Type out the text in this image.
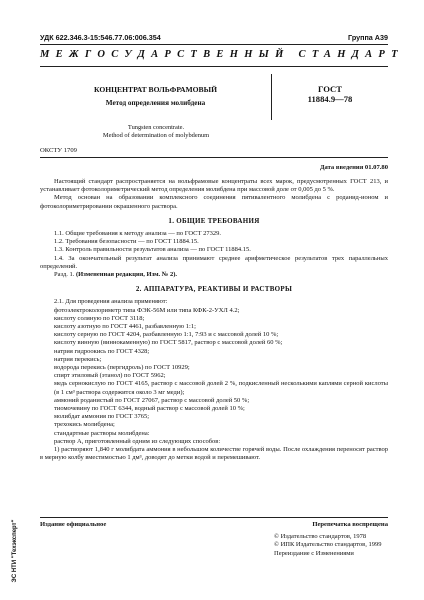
УДК 622.346.3-15:546.77.06:006.354	Группа А39
МЕЖГОСУДАРСТВЕННЫЙ СТАНДАРТ
КОНЦЕНТРАТ ВОЛЬФРАМОВЫЙ
Метод определения молибдена
ГОСТ
11884.9—78
Tungsten concentrate.
Method of determination of molybdenum
ОКСТУ 1709
Дата введения 01.07.80

Настоящий стандарт распространяется на вольфрамовые концентраты всех марок, предусмотренных ГОСТ 213, и устанавливает фотоколориметрический метод определения молибдена при массовой доле от 0,005 до 5 %.

Метод основан на образовании комплексного соединения пятивалентного молибдена с роданид-ионом и фотоколориметрировании окрашенного раствора.

1. ОБЩИЕ ТРЕБОВАНИЯ

1.1. Общие требования к методу анализа — по ГОСТ 27329.

1.2. Требования безопасности — по ГОСТ 11884.15.

1.3. Контроль правильности результатов анализа — по ГОСТ 11884.15.

1.4. За окончательный результат анализа принимают среднее арифметическое результатов трех параллельных определений.

Разд. 1. (Измененная редакция, Изм. № 2).

2. АППАРАТУРА, РЕАКТИВЫ И РАСТВОРЫ

2.1. Для проведения анализа применяют:

фотоэлектроколориметр типа ФЭК-56М или типа КФК-2-УХЛ 4.2;

кислоту соляную по ГОСТ 3118;

кислоту азотную по ГОСТ 4461, разбавленную 1:1;

кислоту серную по ГОСТ 4204, разбавленную 1:1, 7:93 и с массовой долей 10 %;

кислоту винную (виннокаменную) по ГОСТ 5817, раствор с массовой долей 60 %;

натрия гидроокись по ГОСТ 4328;

натрия перекись;

водорода перекись (пергидроль) по ГОСТ 10929;

спирт этиловый (этанол) по ГОСТ 5962;

медь сернокислую по ГОСТ 4165, раствор с массовой долей 2 %, подкисленный несколькими каплями серной кислоты (в 1 см³ раствора содержится около 3 мг меди);

аммоний роданистый по ГОСТ 27067, раствор с массовой долей 50 %;

тиомочевину по ГОСТ 6344, водный раствор с массовой долей 10 %;

молибдат аммония по ГОСТ 3765;

трехокись молибдена;

стандартные растворы молибдена:

раствор А, приготовленный одним из следующих способов:

1) растворяют 1,840 г молибдата аммония в небольшом количестве горячей воды. После охлаждения переносят раствор в мерную колбу вместимостью 1 дм³, доводят до метки водой и перемешивают.

Издание официальное	Перепечатка воспрещена
© Издательство стандартов, 1978
© ИПК Издательство стандартов, 1999
Переиздание с Изменениями
ЭС НТИ "Техэксперт"
